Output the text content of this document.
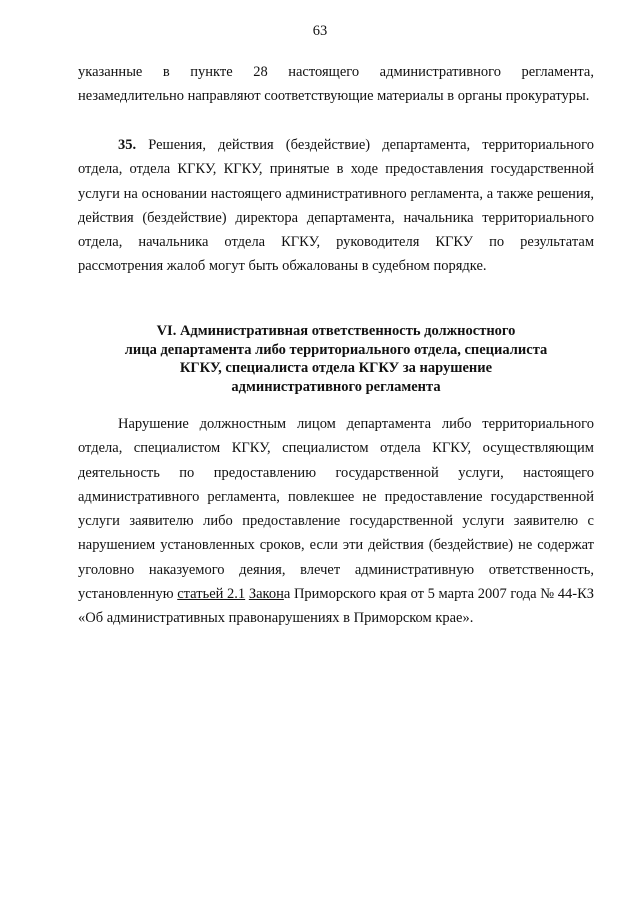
63

указанные в пункте 28 настоящего административного регламента, незамедлительно направляют соответствующие материалы в органы прокуратуры.

35. Решения, действия (бездействие) департамента, территориального отдела, отдела КГКУ, КГКУ, принятые в ходе предоставления государственной услуги на основании настоящего административного регламента, а также решения, действия (бездействие) директора департамента, начальника территориального отдела, начальника отдела КГКУ, руководителя КГКУ по результатам рассмотрения жалоб могут быть обжалованы в судебном порядке.

VI. Административная ответственность должностного
лица департамента либо территориального отдела, специалиста
КГКУ, специалиста отдела КГКУ за нарушение
административного регламента

Нарушение должностным лицом департамента либо территориального отдела, специалистом КГКУ, специалистом отдела КГКУ, осуществляющим деятельность по предоставлению государственной услуги, настоящего административного регламента, повлекшее не предоставление государственной услуги заявителю либо предоставление государственной услуги заявителю с нарушением установленных сроков, если эти действия (бездействие) не содержат уголовно наказуемого деяния, влечет административную ответственность, установленную статьей 2.1 Закона Приморского края от 5 марта 2007 года № 44-КЗ «Об административных правонарушениях в Приморском крае».
